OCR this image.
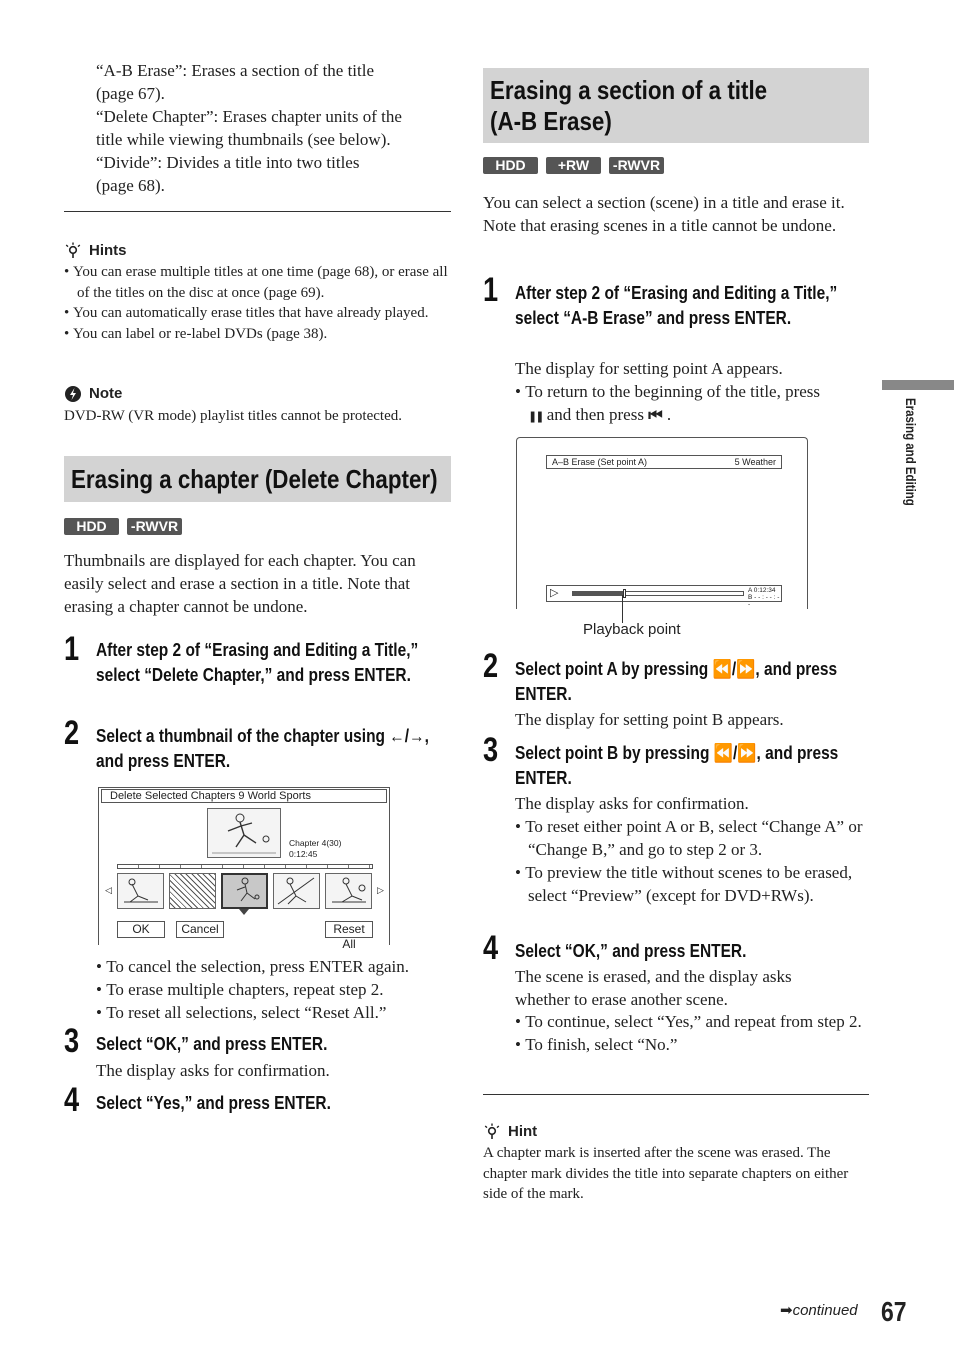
“A-B Erase”: Erases a section of the title
(page 67).
“Delete Chapter”: Erases chapter units of the
title while viewing thumbnails (see below).
“Divide”: Divides a title into two titles
(page 68).
Hints
• You can erase multiple titles at one time (page 68), or erase all of the titles on the disc at once (page 69).
• You can automatically erase titles that have already played.
• You can label or re-label DVDs (page 38).
Note
DVD-RW (VR mode) playlist titles cannot be protected.
Erasing a chapter (Delete Chapter)
HDD	-RWVR
Thumbnails are displayed for each chapter. You can easily select and erase a section in a title. Note that erasing a chapter cannot be undone.
1 After step 2 of “Erasing and Editing a Title,” select “Delete Chapter,” and press ENTER.
2 Select a thumbnail of the chapter using ←/→, and press ENTER.
Delete Selected Chapters 9 World Sports
Chapter 4(30)
0:12:45
◁	▷
OK	Cancel	Reset All
• To cancel the selection, press ENTER again.
• To erase multiple chapters, repeat step 2.
• To reset all selections, select “Reset All.”
3 Select “OK,” and press ENTER.
The display asks for confirmation.
4 Select “Yes,” and press ENTER.
Erasing a section of a title
(A-B Erase)
HDD	+RW	-RWVR
You can select a section (scene) in a title and erase it. Note that erasing scenes in a title cannot be undone.
1 After step 2 of “Erasing and Editing a Title,” select “A-B Erase” and press ENTER.
The display for setting point A appears.
• To return to the beginning of the title, press
❚❚ and then press ⏮ .
A–B Erase (Set point A)	5 Weather
▷	A 0:12:34
B - - : - - : - -
Playback point
2 Select point A by pressing ⏪/⏩, and press ENTER.
The display for setting point B appears.
3 Select point B by pressing ⏪/⏩, and press ENTER.
The display asks for confirmation.
• To reset either point A or B, select “Change A” or “Change B,” and go to step 2 or 3.
• To preview the title without scenes to be erased, select “Preview” (except for DVD+RWs).
4 Select “OK,” and press ENTER.
The scene is erased, and the display asks whether to erase another scene.
• To continue, select “Yes,” and repeat from step 2.
• To finish, select “No.”
Hint
A chapter mark is inserted after the scene was erased. The chapter mark divides the title into separate chapters on either side of the mark.
Erasing and Editing
➡continued 67
